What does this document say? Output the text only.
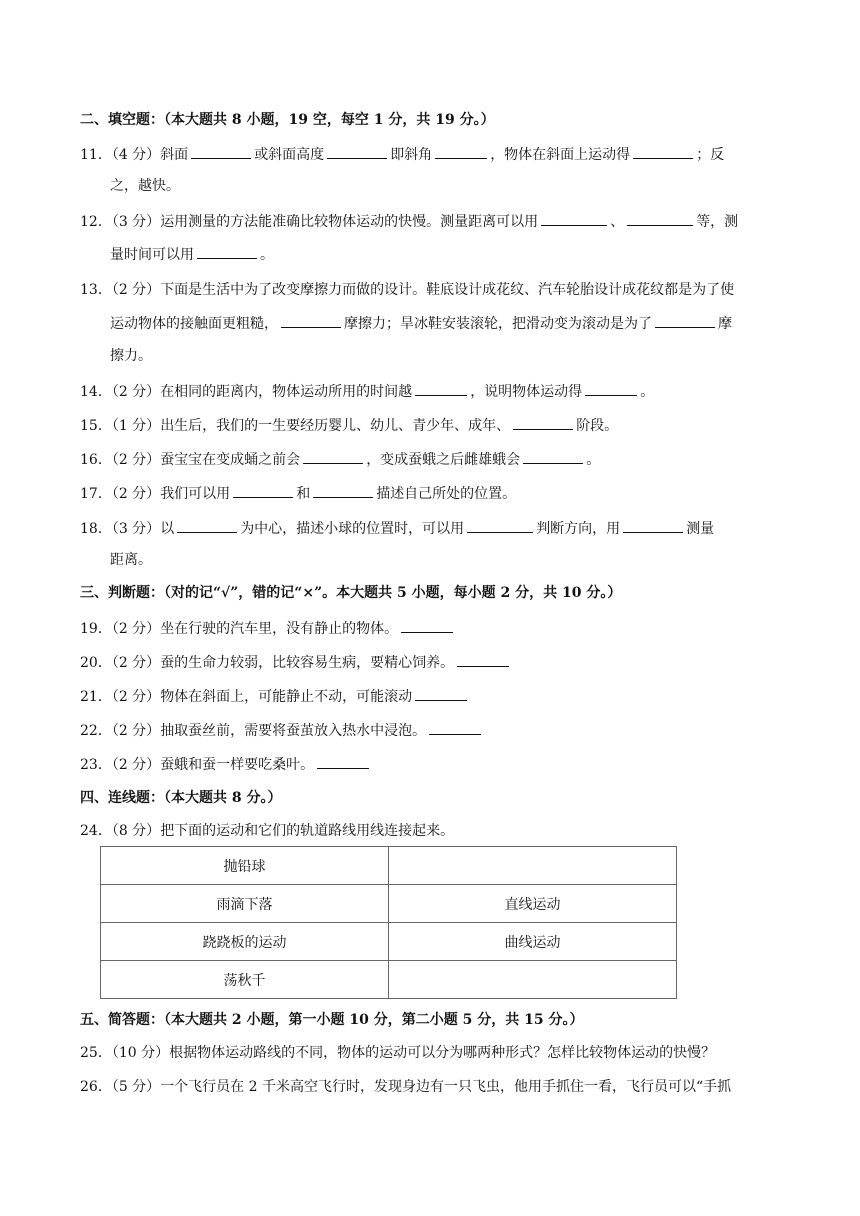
二、填空题：（本大题共 8 小题，19 空，每空 1 分，共 19 分。）
11．（4 分）斜面	或斜面高度	即斜角	，物体在斜面上运动得	；反
之，越快。
12．（3 分）运用测量的方法能准确比较物体运动的快慢。测量距离可以用	、	等，测
量时间可以用	。
13．（2 分）下面是生活中为了改变摩擦力而做的设计。鞋底设计成花纹、汽车轮胎设计成花纹都是为了使
运动物体的接触面更粗糙，	摩擦力；旱冰鞋安装滚轮，把滑动变为滚动是为了	摩
擦力。
14．（2 分）在相同的距离内，物体运动所用的时间越	，说明物体运动得	。
15．（1 分）出生后，我们的一生要经历婴儿、幼儿、青少年、成年、	阶段。
16．（2 分）蚕宝宝在变成蛹之前会	，变成蚕蛾之后雌雄蛾会	。
17．（2 分）我们可以用	和	描述自己所处的位置。
18．（3 分）以	为中心，描述小球的位置时，可以用	判断方向，用	测量
距离。
三、判断题：（对的记“√”，错的记“×”。本大题共 5 小题，每小题 2 分，共 10 分。）
19．（2 分）坐在行驶的汽车里，没有静止的物体。
20．（2 分）蚕的生命力较弱，比较容易生病，要精心饲养。
21．（2 分）物体在斜面上，可能静止不动，可能滚动
22．（2 分）抽取蚕丝前，需要将蚕茧放入热水中浸泡。
23．（2 分）蚕蛾和蚕一样要吃桑叶。
四、连线题：（本大题共 8 分。）
24．（8 分）把下面的运动和它们的轨道路线用线连接起来。
抛铅球	
雨滴下落	直线运动
跷跷板的运动	曲线运动
荡秋千	
五、简答题：（本大题共 2 小题，第一小题 10 分，第二小题 5 分，共 15 分。）
25．（10 分）根据物体运动路线的不同，物体的运动可以分为哪两种形式？怎样比较物体运动的快慢？
26．（5 分）一个飞行员在 2 千米高空飞行时，发现身边有一只飞虫，他用手抓住一看，飞行员可以“手抓
